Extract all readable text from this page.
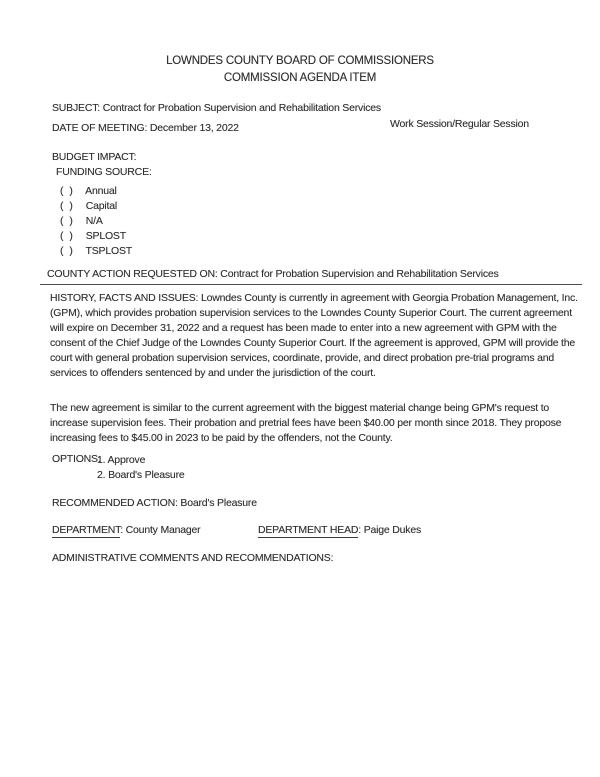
LOWNDES COUNTY BOARD OF COMMISSIONERS
COMMISSION AGENDA ITEM
SUBJECT: Contract for Probation Supervision and Rehabilitation Services
DATE OF MEETING: December 13, 2022	Work Session/Regular Session
BUDGET IMPACT:
FUNDING SOURCE:
( ) Annual
( ) Capital
( ) N/A
( ) SPLOST
( ) TSPLOST
COUNTY ACTION REQUESTED ON: Contract for Probation Supervision and Rehabilitation Services

HISTORY, FACTS AND ISSUES: Lowndes County is currently in agreement with Georgia Probation Management, Inc. (GPM), which provides probation supervision services to the Lowndes County Superior Court. The current agreement will expire on December 31, 2022 and a request has been made to enter into a new agreement with GPM with the consent of the Chief Judge of the Lowndes County Superior Court. If the agreement is approved, GPM will provide the court with general probation supervision services, coordinate, provide, and direct probation pre-trial programs and services to offenders sentenced by and under the jurisdiction of the court.

The new agreement is similar to the current agreement with the biggest material change being GPM's request to increase supervision fees. Their probation and pretrial fees have been $40.00 per month since 2018. They propose increasing fees to $45.00 in 2023 to be paid by the offenders, not the County.

OPTIONS:
1. Approve
2. Board's Pleasure
RECOMMENDED ACTION: Board's Pleasure
DEPARTMENT: County Manager	DEPARTMENT HEAD: Paige Dukes
ADMINISTRATIVE COMMENTS AND RECOMMENDATIONS:
